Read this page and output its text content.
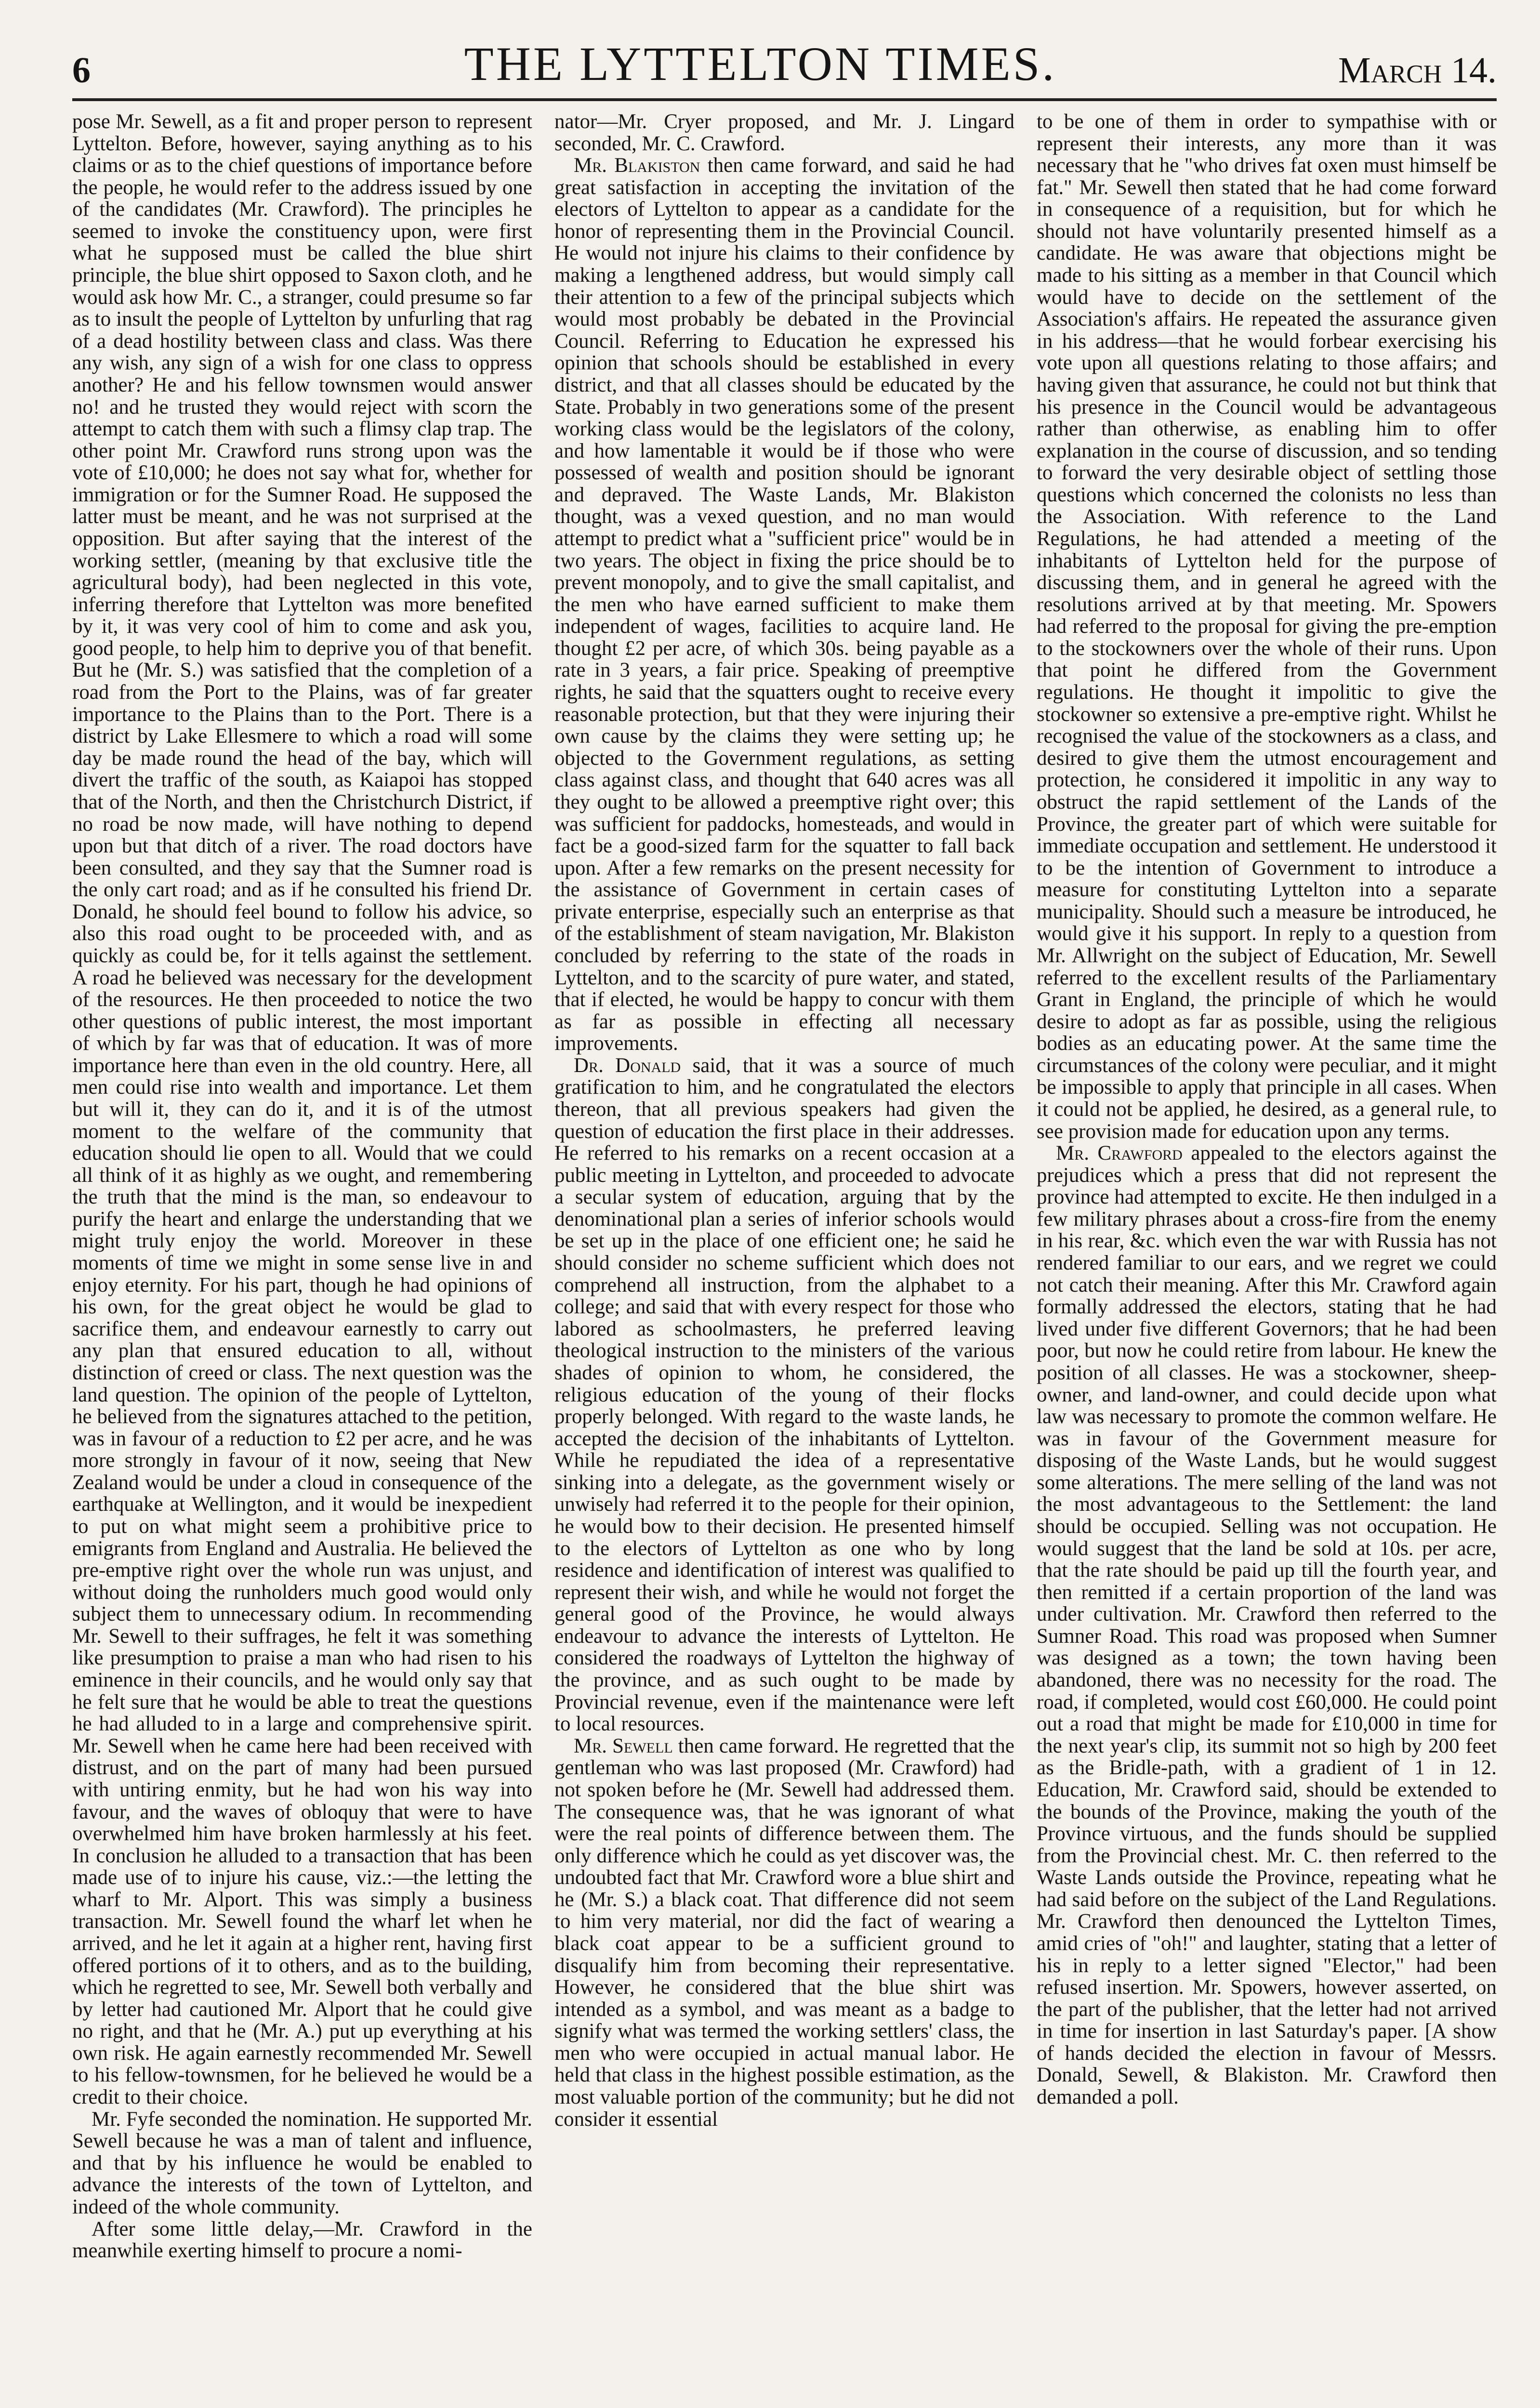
6	THE LYTTELTON TIMES.	March 14.

pose Mr. Sewell, as a fit and proper person to represent Lyttelton. Before, however, saying anything as to his claims or as to the chief questions of importance before the people, he would refer to the address issued by one of the candidates (Mr. Crawford). The principles he seemed to invoke the constituency upon, were first what he supposed must be called the blue shirt principle, the blue shirt opposed to Saxon cloth, and he would ask how Mr. C., a stranger, could presume so far as to insult the people of Lyttelton by unfurling that rag of a dead hostility between class and class. Was there any wish, any sign of a wish for one class to oppress another? He and his fellow townsmen would answer no! and he trusted they would reject with scorn the attempt to catch them with such a flimsy clap trap. The other point Mr. Crawford runs strong upon was the vote of £10,000; he does not say what for, whether for immigration or for the Sumner Road. He supposed the latter must be meant, and he was not surprised at the opposition. But after saying that the interest of the working settler, (meaning by that exclusive title the agricultural body), had been neglected in this vote, inferring therefore that Lyttelton was more benefited by it, it was very cool of him to come and ask you, good people, to help him to deprive you of that benefit. But he (Mr. S.) was satisfied that the completion of a road from the Port to the Plains, was of far greater importance to the Plains than to the Port. There is a district by Lake Ellesmere to which a road will some day be made round the head of the bay, which will divert the traffic of the south, as Kaiapoi has stopped that of the North, and then the Christchurch District, if no road be now made, will have nothing to depend upon but that ditch of a river. The road doctors have been consulted, and they say that the Sumner road is the only cart road; and as if he consulted his friend Dr. Donald, he should feel bound to follow his advice, so also this road ought to be proceeded with, and as quickly as could be, for it tells against the settlement. A road he believed was necessary for the development of the resources. He then proceeded to notice the two other questions of public interest, the most important of which by far was that of education. It was of more importance here than even in the old country. Here, all men could rise into wealth and importance. Let them but will it, they can do it, and it is of the utmost moment to the welfare of the community that education should lie open to all. Would that we could all think of it as highly as we ought, and remembering the truth that the mind is the man, so endeavour to purify the heart and enlarge the understanding that we might truly enjoy the world. Moreover in these moments of time we might in some sense live in and enjoy eternity. For his part, though he had opinions of his own, for the great object he would be glad to sacrifice them, and endeavour earnestly to carry out any plan that ensured education to all, without distinction of creed or class. The next question was the land question. The opinion of the people of Lyttelton, he believed from the signatures attached to the petition, was in favour of a reduction to £2 per acre, and he was more strongly in favour of it now, seeing that New Zealand would be under a cloud in consequence of the earthquake at Wellington, and it would be inexpedient to put on what might seem a prohibitive price to emigrants from England and Australia. He believed the pre-emptive right over the whole run was unjust, and without doing the runholders much good would only subject them to unnecessary odium. In recommending Mr. Sewell to their suffrages, he felt it was something like presumption to praise a man who had risen to his eminence in their councils, and he would only say that he felt sure that he would be able to treat the questions he had alluded to in a large and comprehensive spirit. Mr. Sewell when he came here had been received with distrust, and on the part of many had been pursued with untiring enmity, but he had won his way into favour, and the waves of obloquy that were to have overwhelmed him have broken harmlessly at his feet. In conclusion he alluded to a transaction that has been made use of to injure his cause, viz.:—the letting the wharf to Mr. Alport. This was simply a business transaction. Mr. Sewell found the wharf let when he arrived, and he let it again at a higher rent, having first offered portions of it to others, and as to the building, which he regretted to see, Mr. Sewell both verbally and by letter had cautioned Mr. Alport that he could give no right, and that he (Mr. A.) put up everything at his own risk. He again earnestly recommended Mr. Sewell to his fellow-townsmen, for he believed he would be a credit to their choice.

Mr. Fyfe seconded the nomination. He supported Mr. Sewell because he was a man of talent and influence, and that by his influence he would be enabled to advance the interests of the town of Lyttelton, and indeed of the whole community.

After some little delay,—Mr. Crawford in the meanwhile exerting himself to procure a nomi-

nator—Mr. Cryer proposed, and Mr. J. Lingard seconded, Mr. C. Crawford.

Mr. Blakiston then came forward, and said he had great satisfaction in accepting the invitation of the electors of Lyttelton to appear as a candidate for the honor of representing them in the Provincial Council. He would not injure his claims to their confidence by making a lengthened address, but would simply call their attention to a few of the principal subjects which would most probably be debated in the Provincial Council. Referring to Education he expressed his opinion that schools should be established in every district, and that all classes should be educated by the State. Probably in two generations some of the present working class would be the legislators of the colony, and how lamentable it would be if those who were possessed of wealth and position should be ignorant and depraved. The Waste Lands, Mr. Blakiston thought, was a vexed question, and no man would attempt to predict what a "sufficient price" would be in two years. The object in fixing the price should be to prevent monopoly, and to give the small capitalist, and the men who have earned sufficient to make them independent of wages, facilities to acquire land. He thought £2 per acre, of which 30s. being payable as a rate in 3 years, a fair price. Speaking of preemptive rights, he said that the squatters ought to receive every reasonable protection, but that they were injuring their own cause by the claims they were setting up; he objected to the Government regulations, as setting class against class, and thought that 640 acres was all they ought to be allowed a preemptive right over; this was sufficient for paddocks, homesteads, and would in fact be a good-sized farm for the squatter to fall back upon. After a few remarks on the present necessity for the assistance of Government in certain cases of private enterprise, especially such an enterprise as that of the establishment of steam navigation, Mr. Blakiston concluded by referring to the state of the roads in Lyttelton, and to the scarcity of pure water, and stated, that if elected, he would be happy to concur with them as far as possible in effecting all necessary improvements.

Dr. Donald said, that it was a source of much gratification to him, and he congratulated the electors thereon, that all previous speakers had given the question of education the first place in their addresses. He referred to his remarks on a recent occasion at a public meeting in Lyttelton, and proceeded to advocate a secular system of education, arguing that by the denominational plan a series of inferior schools would be set up in the place of one efficient one; he said he should consider no scheme sufficient which does not comprehend all instruction, from the alphabet to a college; and said that with every respect for those who labored as schoolmasters, he preferred leaving theological instruction to the ministers of the various shades of opinion to whom, he considered, the religious education of the young of their flocks properly belonged. With regard to the waste lands, he accepted the decision of the inhabitants of Lyttelton. While he repudiated the idea of a representative sinking into a delegate, as the government wisely or unwisely had referred it to the people for their opinion, he would bow to their decision. He presented himself to the electors of Lyttelton as one who by long residence and identification of interest was qualified to represent their wish, and while he would not forget the general good of the Province, he would always endeavour to advance the interests of Lyttelton. He considered the roadways of Lyttelton the highway of the province, and as such ought to be made by Provincial revenue, even if the maintenance were left to local resources.

Mr. Sewell then came forward. He regretted that the gentleman who was last proposed (Mr. Crawford) had not spoken before he (Mr. Sewell had addressed them. The consequence was, that he was ignorant of what were the real points of difference between them. The only difference which he could as yet discover was, the undoubted fact that Mr. Crawford wore a blue shirt and he (Mr. S.) a black coat. That difference did not seem to him very material, nor did the fact of wearing a black coat appear to be a sufficient ground to disqualify him from becoming their representative. However, he considered that the blue shirt was intended as a symbol, and was meant as a badge to signify what was termed the working settlers' class, the men who were occupied in actual manual labor. He held that class in the highest possible estimation, as the most valuable portion of the community; but he did not consider it essential

to be one of them in order to sympathise with or represent their interests, any more than it was necessary that he "who drives fat oxen must himself be fat." Mr. Sewell then stated that he had come forward in consequence of a requisition, but for which he should not have voluntarily presented himself as a candidate. He was aware that objections might be made to his sitting as a member in that Council which would have to decide on the settlement of the Association's affairs. He repeated the assurance given in his address—that he would forbear exercising his vote upon all questions relating to those affairs; and having given that assurance, he could not but think that his presence in the Council would be advantageous rather than otherwise, as enabling him to offer explanation in the course of discussion, and so tending to forward the very desirable object of settling those questions which concerned the colonists no less than the Association. With reference to the Land Regulations, he had attended a meeting of the inhabitants of Lyttelton held for the purpose of discussing them, and in general he agreed with the resolutions arrived at by that meeting. Mr. Spowers had referred to the proposal for giving the pre-emption to the stockowners over the whole of their runs. Upon that point he differed from the Government regulations. He thought it impolitic to give the stockowner so extensive a pre-emptive right. Whilst he recognised the value of the stockowners as a class, and desired to give them the utmost encouragement and protection, he considered it impolitic in any way to obstruct the rapid settlement of the Lands of the Province, the greater part of which were suitable for immediate occupation and settlement. He understood it to be the intention of Government to introduce a measure for constituting Lyttelton into a separate municipality. Should such a measure be introduced, he would give it his support. In reply to a question from Mr. Allwright on the subject of Education, Mr. Sewell referred to the excellent results of the Parliamentary Grant in England, the principle of which he would desire to adopt as far as possible, using the religious bodies as an educating power. At the same time the circumstances of the colony were peculiar, and it might be impossible to apply that principle in all cases. When it could not be applied, he desired, as a general rule, to see provision made for education upon any terms.

Mr. Crawford appealed to the electors against the prejudices which a press that did not represent the province had attempted to excite. He then indulged in a few military phrases about a cross-fire from the enemy in his rear, &c. which even the war with Russia has not rendered familiar to our ears, and we regret we could not catch their meaning. After this Mr. Crawford again formally addressed the electors, stating that he had lived under five different Governors; that he had been poor, but now he could retire from labour. He knew the position of all classes. He was a stockowner, sheep-owner, and land-owner, and could decide upon what law was necessary to promote the common welfare. He was in favour of the Government measure for disposing of the Waste Lands, but he would suggest some alterations. The mere selling of the land was not the most advantageous to the Settlement: the land should be occupied. Selling was not occupation. He would suggest that the land be sold at 10s. per acre, that the rate should be paid up till the fourth year, and then remitted if a certain proportion of the land was under cultivation. Mr. Crawford then referred to the Sumner Road. This road was proposed when Sumner was designed as a town; the town having been abandoned, there was no necessity for the road. The road, if completed, would cost £60,000. He could point out a road that might be made for £10,000 in time for the next year's clip, its summit not so high by 200 feet as the Bridle-path, with a gradient of 1 in 12. Education, Mr. Crawford said, should be extended to the bounds of the Province, making the youth of the Province virtuous, and the funds should be supplied from the Provincial chest. Mr. C. then referred to the Waste Lands outside the Province, repeating what he had said before on the subject of the Land Regulations. Mr. Crawford then denounced the Lyttelton Times, amid cries of "oh!" and laughter, stating that a letter of his in reply to a letter signed "Elector," had been refused insertion. Mr. Spowers, however asserted, on the part of the publisher, that the letter had not arrived in time for insertion in last Saturday's paper. [A show of hands decided the election in favour of Messrs. Donald, Sewell, & Blakiston. Mr. Crawford then demanded a poll.
